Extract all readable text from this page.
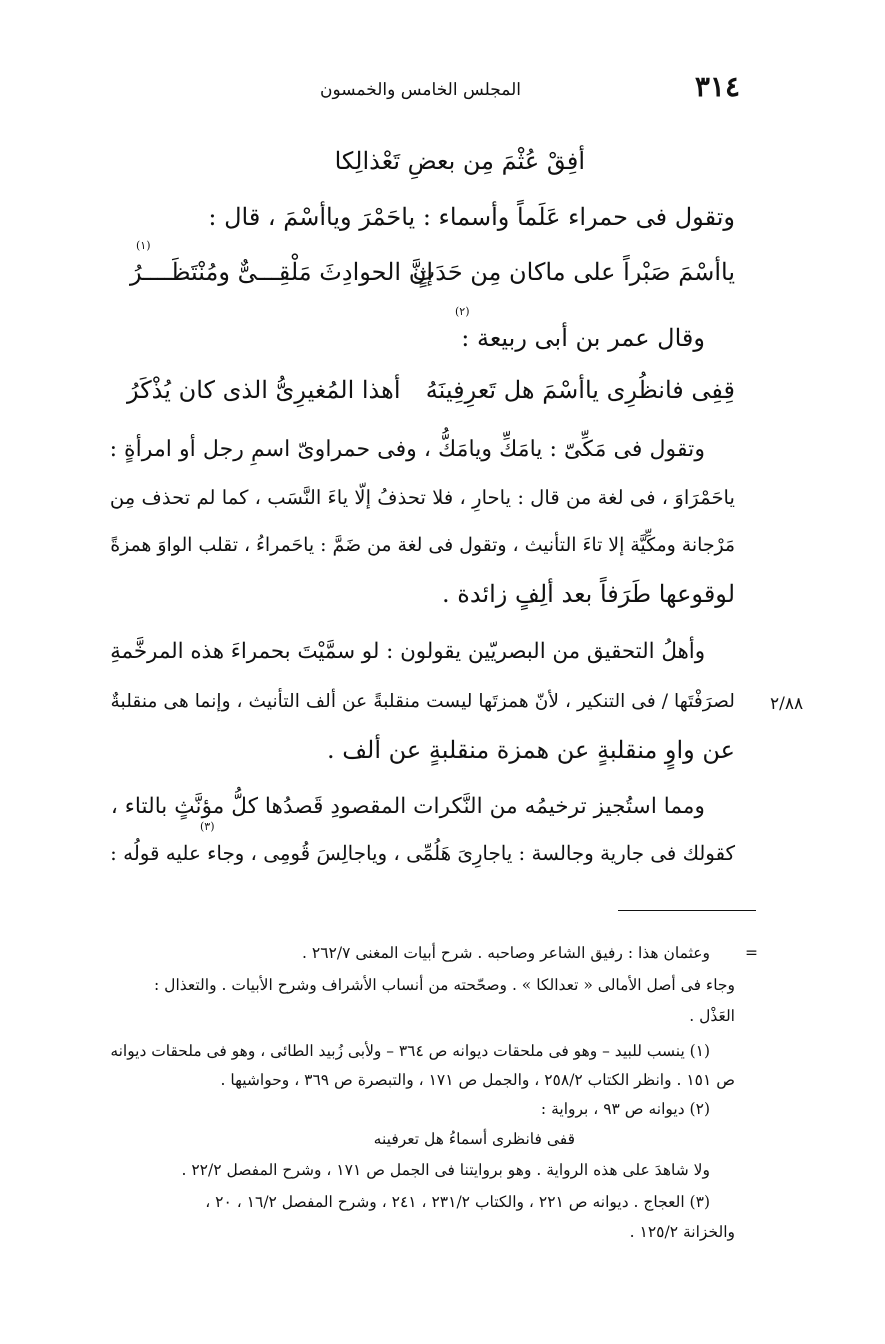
٣١٤
المجلس الخامس والخمسون
أفِقْ عُثْمَ مِن بعضِ تَعْذالِكا
وتقول فى حمراء عَلَماً وأسماء : ياحَمْرَ وياأسْمَ ، قال :
(١)
ياأسْمَ صَبْراً على ماكان مِن حَدَثٍ
إنَّ الحوادِثَ مَلْقِـــىٌّ ومُنْتَظَــــرُ
(٢)
وقال عمر بن أبى ربيعة :
قِفِى فانظُرِى ياأسْمَ هل تَعرِفِينَهُ
أهذا المُغيرِىُّ الذى كان يُذْكَرُ
وتقول فى مَكِّىّ : يامَكِّ ويامَكُّ ، وفى حمراوىّ اسمِ رجل أو امرأةٍ :
ياحَمْرَاوَ ، فى لغة من قال : ياحارِ ، فلا تحذفُ إلّا ياءَ النَّسَب ، كما لم تحذف مِن
مَرْجانة ومكِّيَّة إلا تاءَ التأنيث ، وتقول فى لغة من ضَمَّ : ياحَمراءُ ، تقلب الواوَ همزةً
لوقوعها طَرَفاً بعد ألِفٍ زائدة .
وأهلُ التحقيق من البصريّين يقولون : لو سمَّيْتَ بحمراءَ هذه المرخَّمةِ
لصرَفْتَها / فى التنكير ، لأنّ همزتَها ليست منقلبةً عن ألف التأنيث ، وإنما هى منقلبةٌ ٢/٨٨
عن واوٍ منقلبةٍ عن همزة منقلبةٍ عن ألف .
ومما استُجيز ترخيمُه من النَّكرات المقصودِ قَصدُها كلُّ مؤنَّثٍ بالتاء ،
(٣)
كقولك فى جارية وجالسة : ياجارِىَ هَلُمِّى ، وياجالِسَ قُومِى ، وجاء عليه قولُه :
=
وعثمان هذا : رفيق الشاعر وصاحبه . شرح أبيات المغنى ٢٦٢/٧ .
وجاء فى أصل الأمالى « تعدالكا » . وصحّحته من أنساب الأشراف وشرح الأبيات . والتعذال :
العَذْل .
(١) ينسب للبيد – وهو فى ملحقات ديوانه ص ٣٦٤ – ولأبى زُبيد الطائى ، وهو فى ملحقات ديوانه
ص ١٥١ . وانظر الكتاب ٢٥٨/٢ ، والجمل ص ١٧١ ، والتبصرة ص ٣٦٩ ، وحواشيها .
(٢) ديوانه ص ٩٣ ، برواية :
قفى فانظرى أسماءُ هل تعرفينه
ولا شاهدَ على هذه الرواية . وهو بروايتنا فى الجمل ص ١٧١ ، وشرح المفصل ٢٢/٢ .
(٣) العجاج . ديوانه ص ٢٢١ ، والكتاب ٢٣١/٢ ، ٢٤١ ، وشرح المفصل ١٦/٢ ، ٢٠ ،
والخزانة ١٢٥/٢ .
